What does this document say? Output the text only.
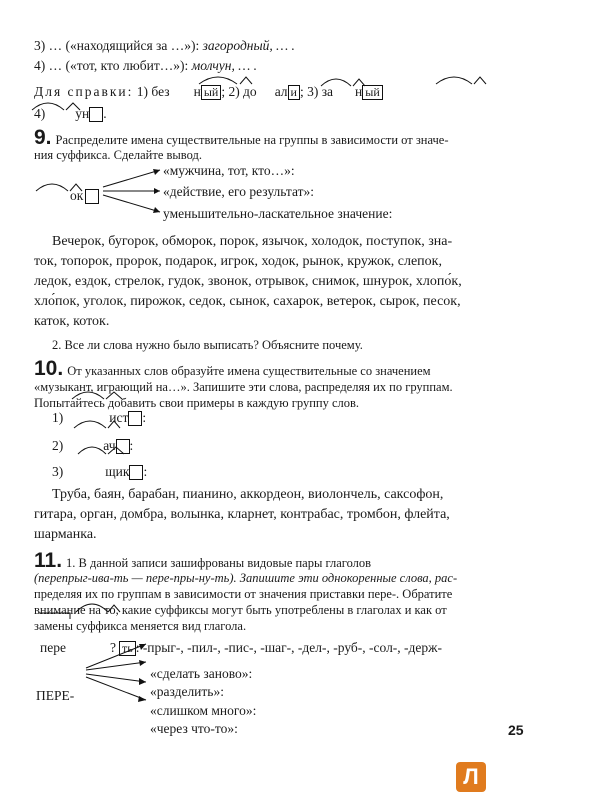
3) … («находящийся за …»): загородный, … .
4) … («тот, кто любит…»): молчун, … .
Для справки: 1) без н ый ; 2) до ал и ; 3) за н ый
4) ун .
9. Распределите имена существительные на группы в зависимости от значе-
ния суффикса. Сделайте вывод.
ок
«мужчина, тот, кто…»:
«действие, его результат»:
уменьшительно-ласкательное значение:
Вечерок, бугорок, обморок, порок, язычок, холодок, поступок, зна-
ток, топорок, пророк, подарок, игрок, ходок, рынок, кружок, слепок,
ледок, ездок, стрелок, гудок, звонок, отрывок, снимок, шнурок, хлопо́к,
хло́пок, уголок, пирожок, седок, сынок, сахарок, ветерок, сырок, песок,
каток, коток.
2. Все ли слова нужно было выписать? Объясните почему.
10. От указанных слов образуйте имена существительные со значением
«музыкант, играющий на…». Запишите эти слова, распределяя их по группам.
Попытайтесь добавить свои примеры в каждую группу слов.
1)	ист :
2)	ач :
3)	щик :
Труба, баян, барабан, пианино, аккордеон, виолончель, саксофон,
гитара, орган, домбра, волынка, кларнет, контрабас, тромбон, флейта,
шарманка.
11. 1. В данной записи зашифрованы видовые пары глаголов
(перепрыг-ива-ть — пере-пры-ну-ть). Запишите эти однокоренные слова, рас-
пределяя их по группам в зависимости от значения приставки пере-. Обратите
внимание на то, какие суффиксы могут быть употреблены в глаголах и как от
замены суффикса меняется вид глагола.
пере	? ть : -прыг-, -пил-, -пис-, -шаг-, -дел-, -руб-, -сол-, -держ-
ПЕРЕ-
«сделать заново»:
«разделить»:
«слишком много»:
«через что-то»:	25
Л
